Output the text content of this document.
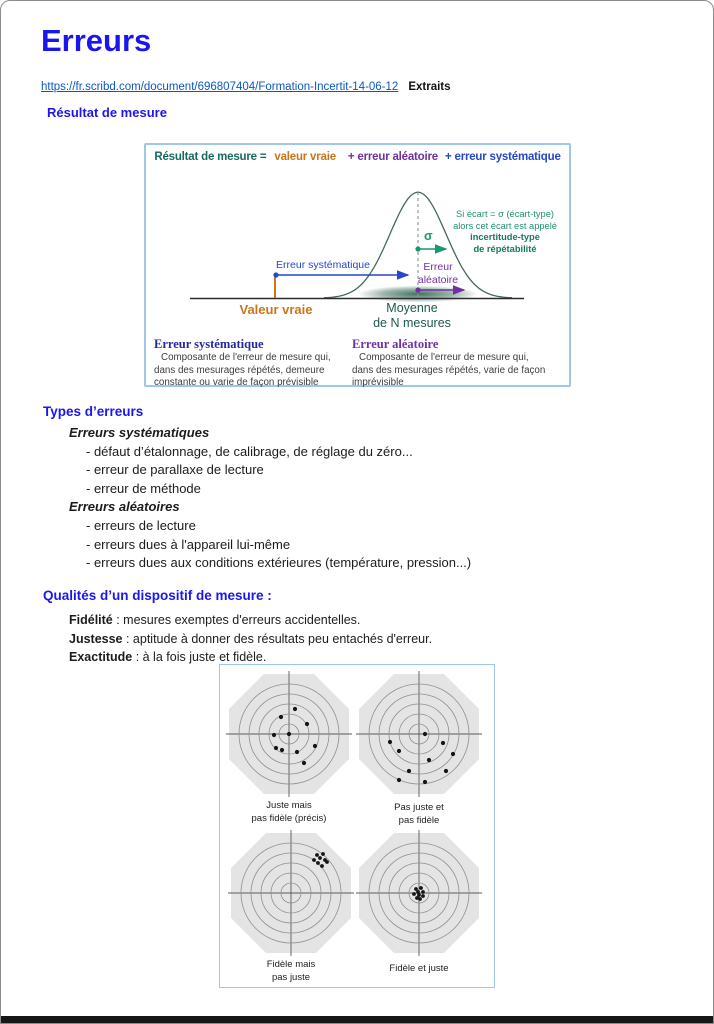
Erreurs
https://fr.scribd.com/document/696807404/Formation-Incertit-14-06-12 Extraits
Résultat de mesure
Résultat de mesure = valeur vraie + erreur aléatoire + erreur systématique
Erreur systématique	Erreur
aléatoire
σ
Si écart = σ (écart-type)
alors cet écart est appelé
incertitude-type
de répétabilité
Valeur vraie	Moyenne
de N mesures
Erreur systématique
Composante de l'erreur de mesure qui,
dans des mesurages répétés, demeure
constante ou varie de façon prévisible
Erreur aléatoire
Composante de l'erreur de mesure qui,
dans des mesurages répétés, varie de façon
imprévisible
Types d’erreurs
Erreurs systématiques
- défaut d’étalonnage, de calibrage, de réglage du zéro...
- erreur de parallaxe de lecture
- erreur de méthode
Erreurs aléatoires
- erreurs de lecture
- erreurs dues à l'appareil lui-même
- erreurs dues aux conditions extérieures (température, pression...)
Qualités d’un dispositif de mesure :
Fidélité : mesures exemptes d'erreurs accidentelles.
Justesse : aptitude à donner des résultats peu entachés d'erreur.
Exactitude : à la fois juste et fidèle.
Juste mais
pas fidèle (précis)
Pas juste et
pas fidèle
Fidèle mais
pas juste
Fidèle et juste
